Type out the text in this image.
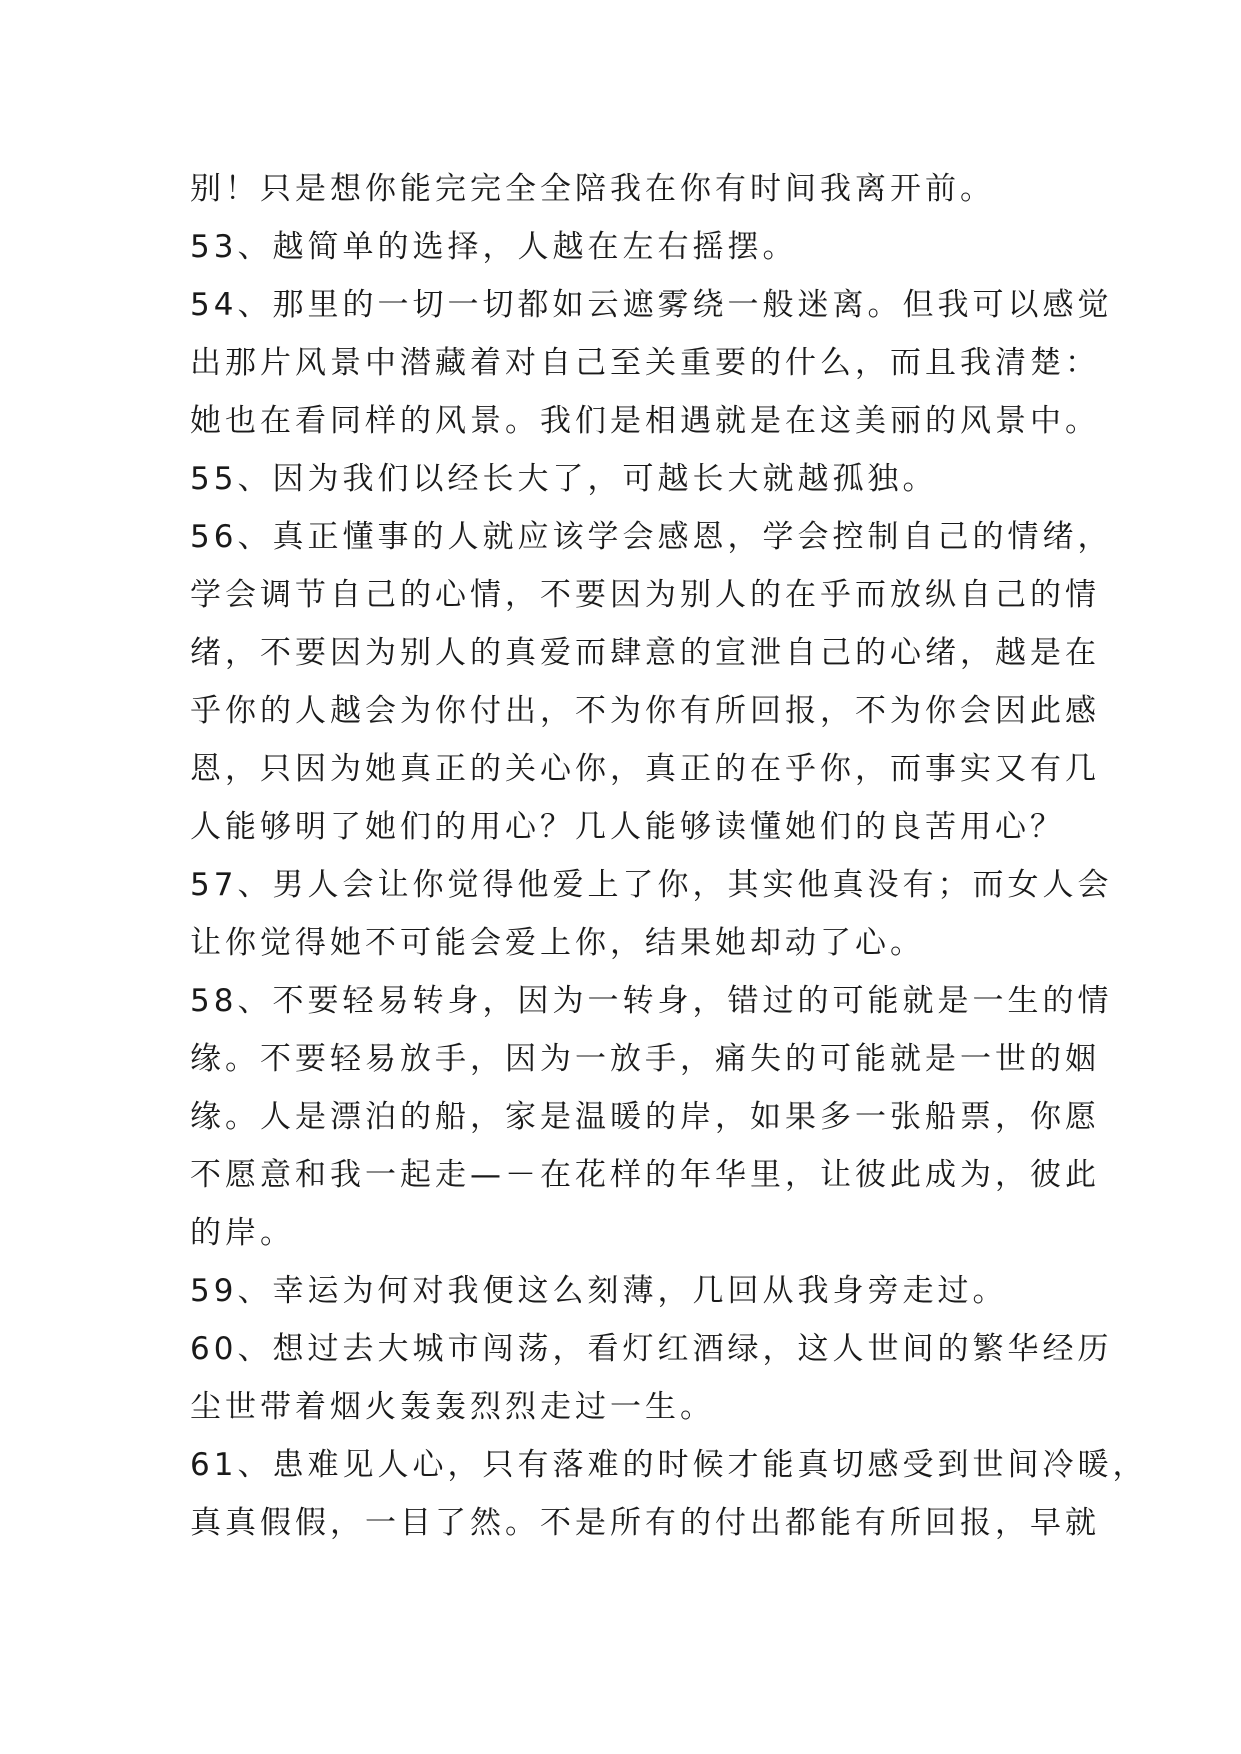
别！只是想你能完完全全陪我在你有时间我离开前。
53、越简单的选择，人越在左右摇摆。
54、那里的一切一切都如云遮雾绕一般迷离。但我可以感觉
出那片风景中潜藏着对自己至关重要的什么，而且我清楚：
她也在看同样的风景。我们是相遇就是在这美丽的风景中。
55、因为我们以经长大了，可越长大就越孤独。
56、真正懂事的人就应该学会感恩，学会控制自己的情绪，
学会调节自己的心情，不要因为别人的在乎而放纵自己的情
绪，不要因为别人的真爱而肆意的宣泄自己的心绪，越是在
乎你的人越会为你付出，不为你有所回报，不为你会因此感
恩，只因为她真正的关心你，真正的在乎你，而事实又有几
人能够明了她们的用心？几人能够读懂她们的良苦用心？
57、男人会让你觉得他爱上了你，其实他真没有；而女人会
让你觉得她不可能会爱上你，结果她却动了心。
58、不要轻易转身，因为一转身，错过的可能就是一生的情
缘。不要轻易放手，因为一放手，痛失的可能就是一世的姻
缘。人是漂泊的船，家是温暖的岸，如果多一张船票，你愿
不愿意和我一起走—－在花样的年华里，让彼此成为，彼此
的岸。
59、幸运为何对我便这么刻薄，几回从我身旁走过。
60、想过去大城市闯荡，看灯红酒绿，这人世间的繁华经历
尘世带着烟火轰轰烈烈走过一生。
61、患难见人心，只有落难的时候才能真切感受到世间冷暖，
真真假假，一目了然。不是所有的付出都能有所回报，早就
